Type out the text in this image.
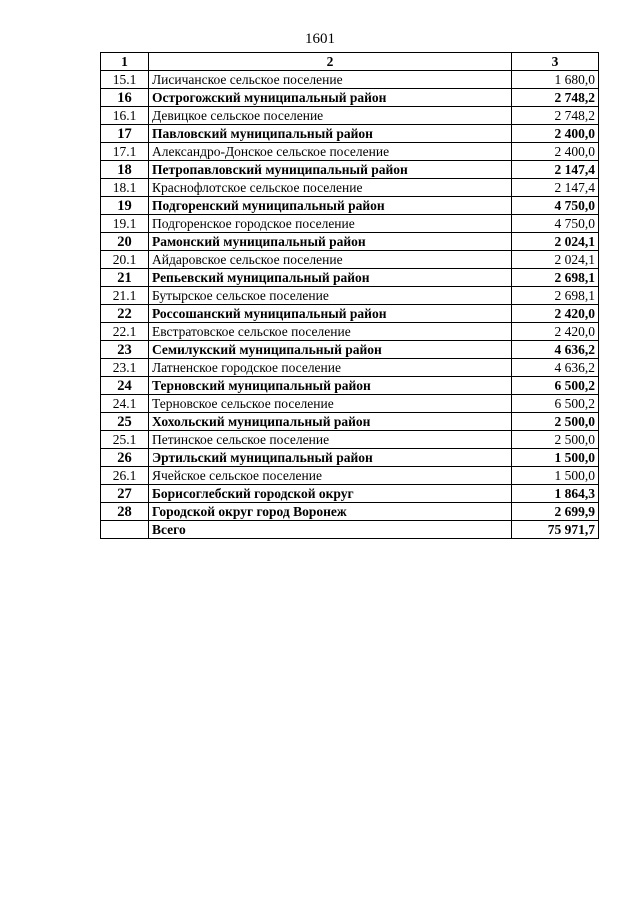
1601
1	2	3
15.1	Лисичанское сельское поселение	1 680,0
16	Острогожский муниципальный район	2 748,2
16.1	Девицкое сельское поселение	2 748,2
17	Павловский муниципальный район	2 400,0
17.1	Александро-Донское сельское поселение	2 400,0
18	Петропавловский муниципальный район	2 147,4
18.1	Краснофлотское сельское поселение	2 147,4
19	Подгоренский муниципальный район	4 750,0
19.1	Подгоренское городское поселение	4 750,0
20	Рамонский муниципальный район	2 024,1
20.1	Айдаровское сельское поселение	2 024,1
21	Репьевский муниципальный район	2 698,1
21.1	Бутырское сельское поселение	2 698,1
22	Россошанский муниципальный район	2 420,0
22.1	Евстратовское сельское поселение	2 420,0
23	Семилукский муниципальный район	4 636,2
23.1	Латненское городское поселение	4 636,2
24	Терновский муниципальный район	6 500,2
24.1	Терновское сельское поселение	6 500,2
25	Хохольский муниципальный район	2 500,0
25.1	Петинское сельское поселение	2 500,0
26	Эртильский муниципальный район	1 500,0
26.1	Ячейское сельское поселение	1 500,0
27	Борисоглебский городской округ	1 864,3
28	Городской округ город Воронеж	2 699,9
	Всего	75 971,7
